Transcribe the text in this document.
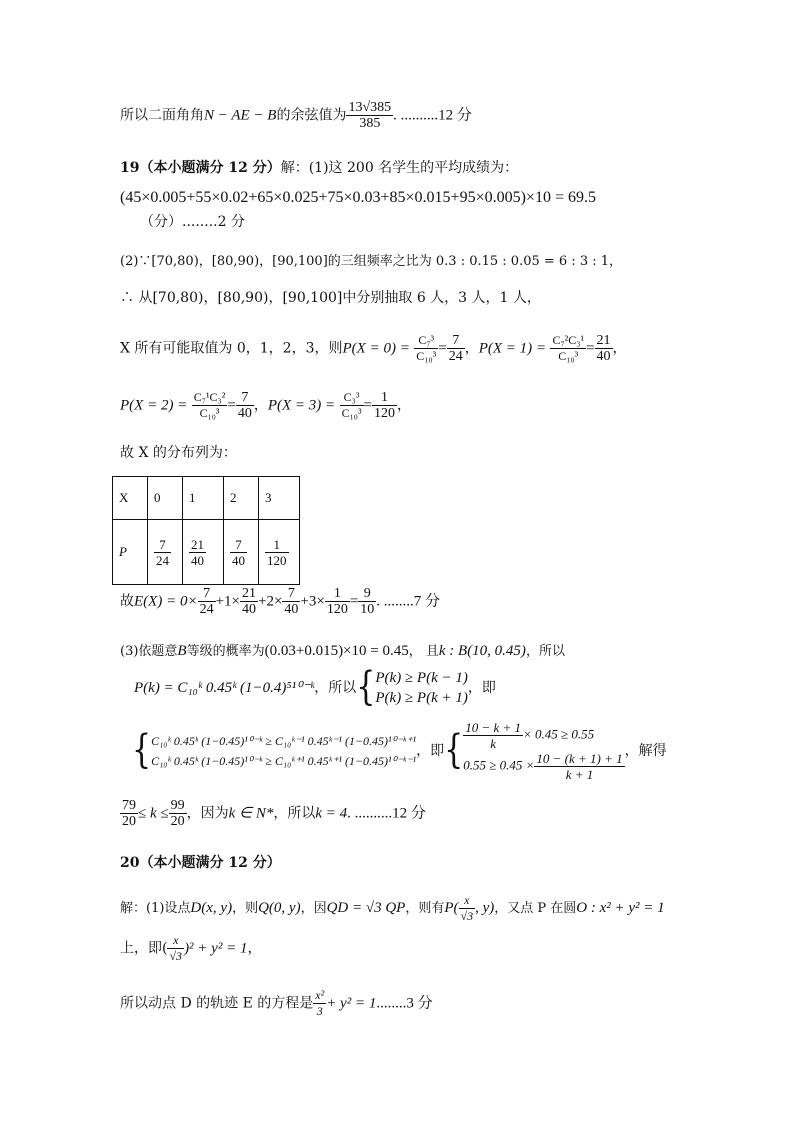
所以二面角角N − AE − B的余弦值为 $\frac{13√385}{385}$ . ..........12 分
19（本小题满分 12 分）解：(1)这 200 名学生的平均成绩为：
(45×0.005+55×0.02+65×0.025+75×0.03+85×0.015+95×0.005)×10 = 69.5
（分）........2 分
(2)∵[70,80)，[80,90)，[90,100]的三组频率之比为 0.3 : 0.15 : 0.05 = 6 : 3 : 1，
∴ 从[70,80)，[80,90)，[90,100]中分别抽取 6 人，3 人，1 人，
X 所有可能取值为 0，1，2，3，则$P(X = 0) = \frac{\text{C₇³}}{\text{C₁₀³}} = \frac{7}{24}$ ，$P(X = 1) = \frac{\text{C₇²C₃¹}}{\text{C₁₀³}} = \frac{21}{40}$ ，
$P(X = 2) = \frac{\text{C₇¹C₃²}}{\text{C₁₀³}} = \frac{7}{40}$ ，$P(X = 3) = \frac{\text{C₃³}}{\text{C₁₀³}} = \frac{1}{120}$ ，
故 X 的分布列为：
X	0	1	2	3
P	$\frac{7}{24}$	$\frac{21}{40}$	$\frac{7}{40}$	$\frac{1}{120}$
故$E(X) = 0\times \frac{7}{24} +1\times \frac{21}{40} +2\times \frac{7}{40} +3\times \frac{1}{120} = \frac{9}{10}$ . ........7 分
(3)依题意B等级的概率为(0.03+0.015)×10 = 0.45， 且k : B(10, 0.45)，所以
P(k) = C₁₀ᵏ 0.45ᵏ (1−0.4)⁵¹⁰⁻ᵏ，所以{ P(k) ≥ P(k − 1)
P(k) ≥ P(k + 1)
，即
{ C₁₀ᵏ 0.45ᵏ (1−0.45)¹⁰⁻ᵏ ≥ C₁₀ᵏ⁻¹ 0.45ᵏ⁻¹ (1−0.45)¹⁰⁻ᵏ⁺¹
C₁₀ᵏ 0.45ᵏ (1−0.45)¹⁰⁻ᵏ ≥ C₁₀ᵏ⁺¹ 0.45ᵏ⁺¹ (1−0.45)¹⁰⁻ᵏ⁻¹
，即{ $\frac{10 - k + 1}{k} \times 0.45 \ge 0.55$
$0.55 \ge 0.45 \times \frac{10 - (k + 1) + 1}{k + 1}$ ，解得
$\frac{79}{20} \le k \le \frac{99}{20}$ ，因为k ∈ N*，所以k = 4. ..........12 分
20（本小题满分 12 分）
解：(1)设点D(x, y)，则Q(0, y)，因QD = √3 QP，则有$P( \frac{x}{√3}$ , y)，又点 P 在圆O : x² + y² = 1
上，即( $\frac{x}{√3} )^2 + y^2 = 1$，
所以动点 D 的轨迹 E 的方程是 $\frac{\text{x²}}{3} + y^2 = 1........3$ 分
